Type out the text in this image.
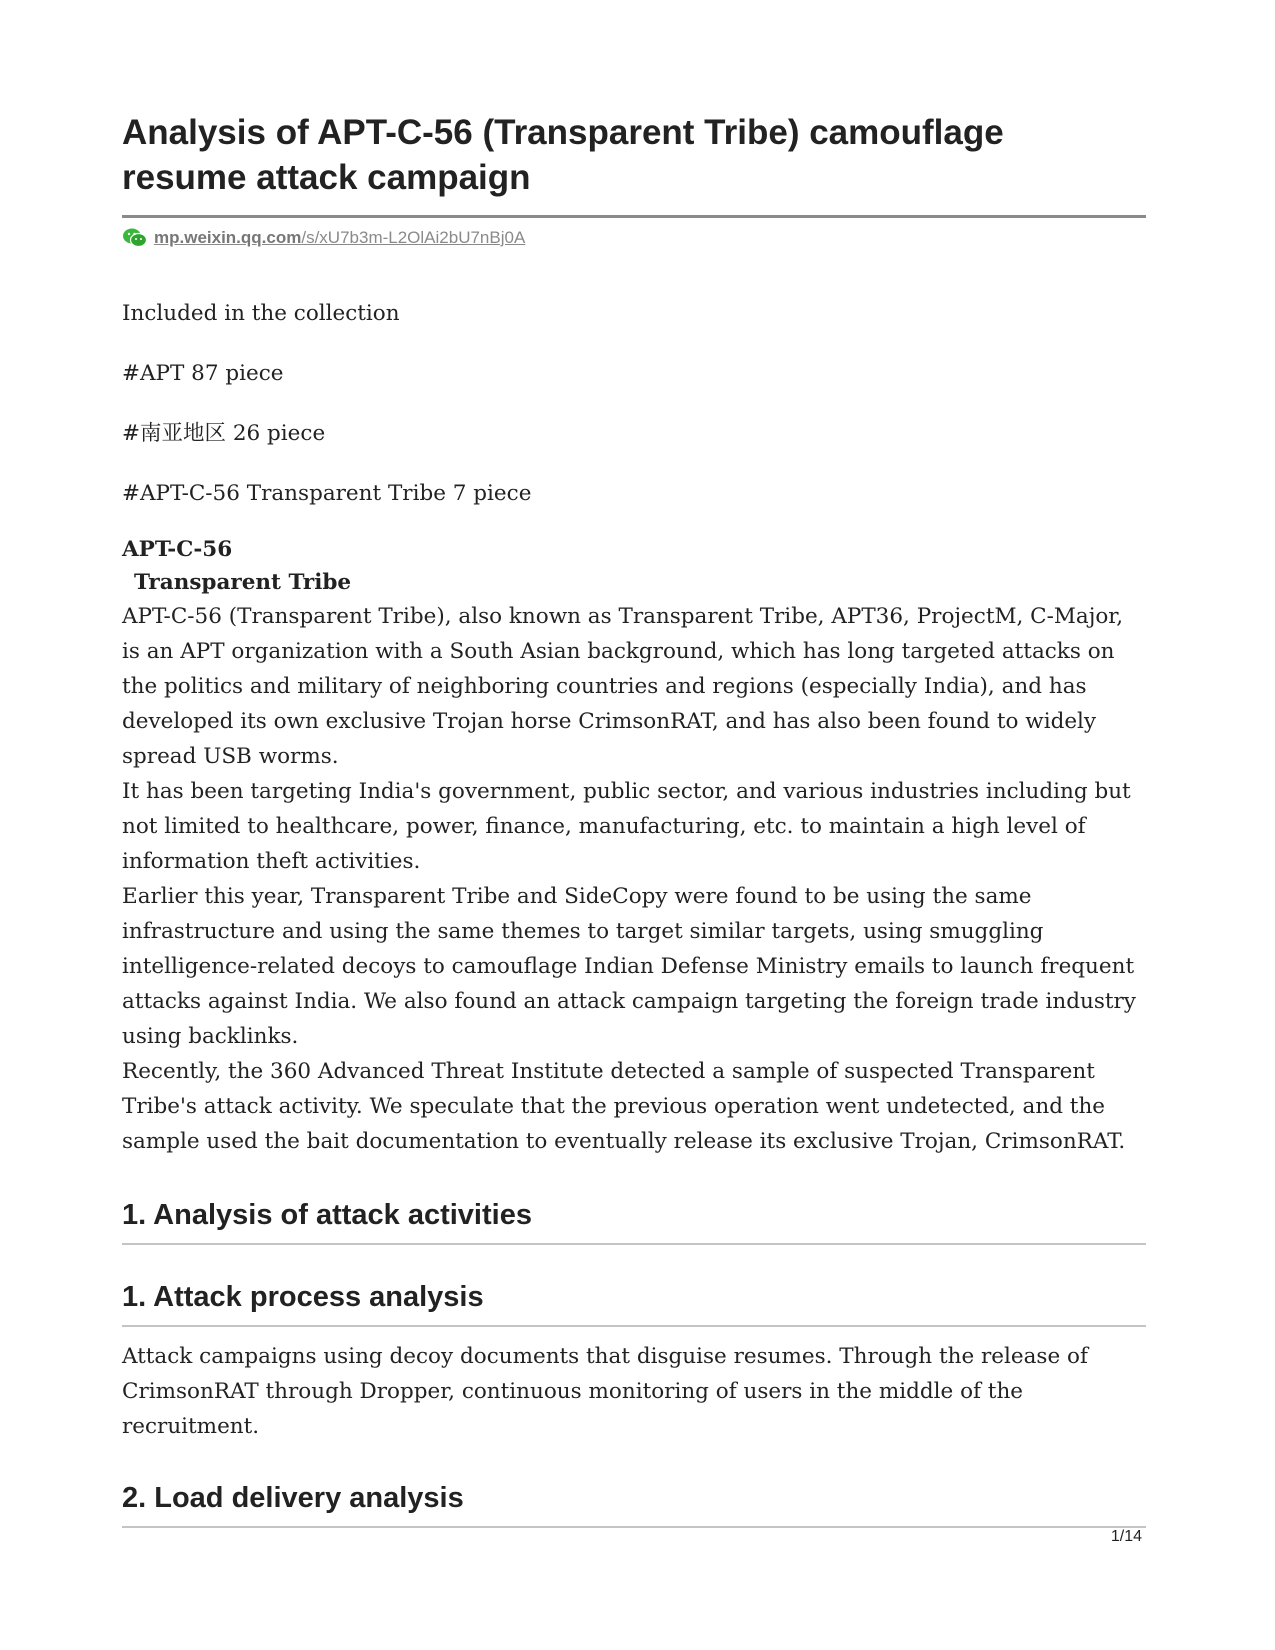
Analysis of APT-C-56 (Transparent Tribe) camouflage
resume attack campaign
mp.weixin.qq.com/s/xU7b3m-L2OlAi2bU7nBj0A

Included in the collection

#APT 87 piece

#南亚地区 26 piece

#APT-C-56 Transparent Tribe 7 piece

APT-C-56
Transparent Tribe

APT-C-56 (Transparent Tribe), also known as Transparent Tribe, APT36, ProjectM, C-Major, is an APT organization with a South Asian background, which has long targeted attacks on the politics and military of neighboring countries and regions (especially India), and has developed its own exclusive Trojan horse CrimsonRAT, and has also been found to widely spread USB worms.

It has been targeting India's government, public sector, and various industries including but not limited to healthcare, power, finance, manufacturing, etc. to maintain a high level of information theft activities.

Earlier this year, Transparent Tribe and SideCopy were found to be using the same infrastructure and using the same themes to target similar targets, using smuggling intelligence-related decoys to camouflage Indian Defense Ministry emails to launch frequent attacks against India. We also found an attack campaign targeting the foreign trade industry using backlinks.

Recently, the 360 Advanced Threat Institute detected a sample of suspected Transparent Tribe's attack activity. We speculate that the previous operation went undetected, and the sample used the bait documentation to eventually release its exclusive Trojan, CrimsonRAT.

1. Analysis of attack activities
1. Attack process analysis

Attack campaigns using decoy documents that disguise resumes. Through the release of CrimsonRAT through Dropper, continuous monitoring of users in the middle of the recruitment.

2. Load delivery analysis
1/14
